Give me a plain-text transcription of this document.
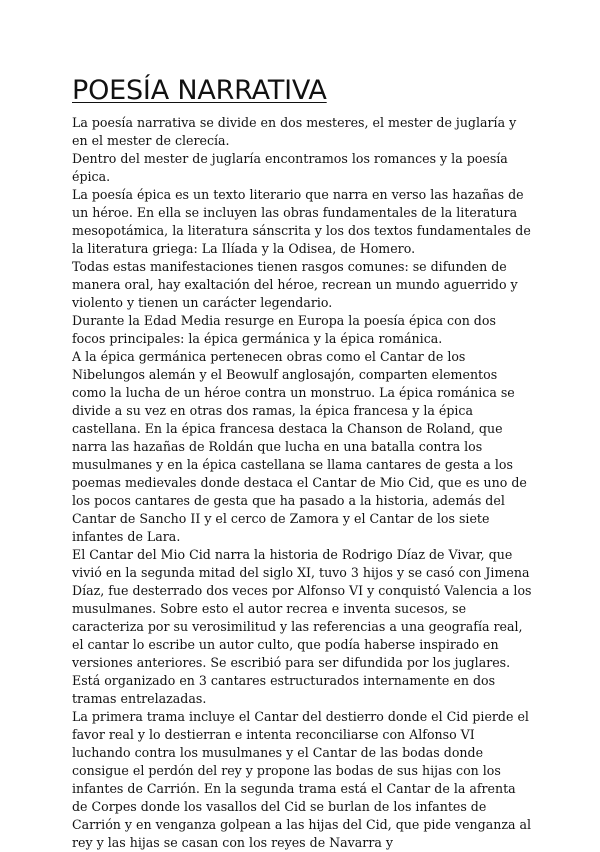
POESÍA NARRATIVA

La poesía narrativa se divide en dos mesteres, el mester de juglaría y en el mester de clerecía.

Dentro del mester de juglaría encontramos los romances y la poesía épica.

La poesía épica es un texto literario que narra en verso las hazañas de un héroe. En ella se incluyen las obras fundamentales de la literatura mesopotámica, la literatura sánscrita y los dos textos fundamentales de la literatura griega: La Ilíada y la Odisea, de Homero.

Todas estas manifestaciones tienen rasgos comunes: se difunden de manera oral, hay exaltación del héroe, recrean un mundo aguerrido y violento y tienen un carácter legendario.

Durante la Edad Media resurge en Europa la poesía épica con dos focos principales: la épica germánica y la épica románica.

A la épica germánica pertenecen obras como el Cantar de los Nibelungos alemán y el Beowulf anglosajón, comparten elementos como la lucha de un héroe contra un monstruo. La épica románica se divide a su vez en otras dos ramas, la épica francesa y la épica castellana. En la épica francesa destaca la Chanson de Roland, que narra las hazañas de Roldán que lucha en una batalla contra los musulmanes y en la épica castellana se llama cantares de gesta a los poemas medievales donde destaca el Cantar de Mio Cid, que es uno de los pocos cantares de gesta que ha pasado a la historia, además del Cantar de Sancho II y el cerco de Zamora y el Cantar de los siete infantes de Lara.

El Cantar del Mio Cid narra la historia de Rodrigo Díaz de Vivar, que vivió en la segunda mitad del siglo XI, tuvo 3 hijos y se casó con Jimena Díaz, fue desterrado dos veces por Alfonso VI y conquistó Valencia a los musulmanes. Sobre esto el autor recrea e inventa sucesos, se caracteriza por su verosimilitud y las referencias a una geografía real, el cantar lo escribe un autor culto, que podía haberse inspirado en versiones anteriores. Se escribió para ser difundida por los juglares. Está organizado en 3 cantares estructurados internamente en dos tramas entrelazadas.

La primera trama incluye el Cantar del destierro donde el Cid pierde el favor real y lo destierran e intenta reconciliarse con Alfonso VI luchando contra los musulmanes y el Cantar de las bodas donde consigue el perdón del rey y propone las bodas de sus hijas con los infantes de Carrión. En la segunda trama está el Cantar de la afrenta de Corpes donde los vasallos del Cid se burlan de los infantes de Carrión y en venganza golpean a las hijas del Cid, que pide venganza al rey y las hijas se casan con los reyes de Navarra y
